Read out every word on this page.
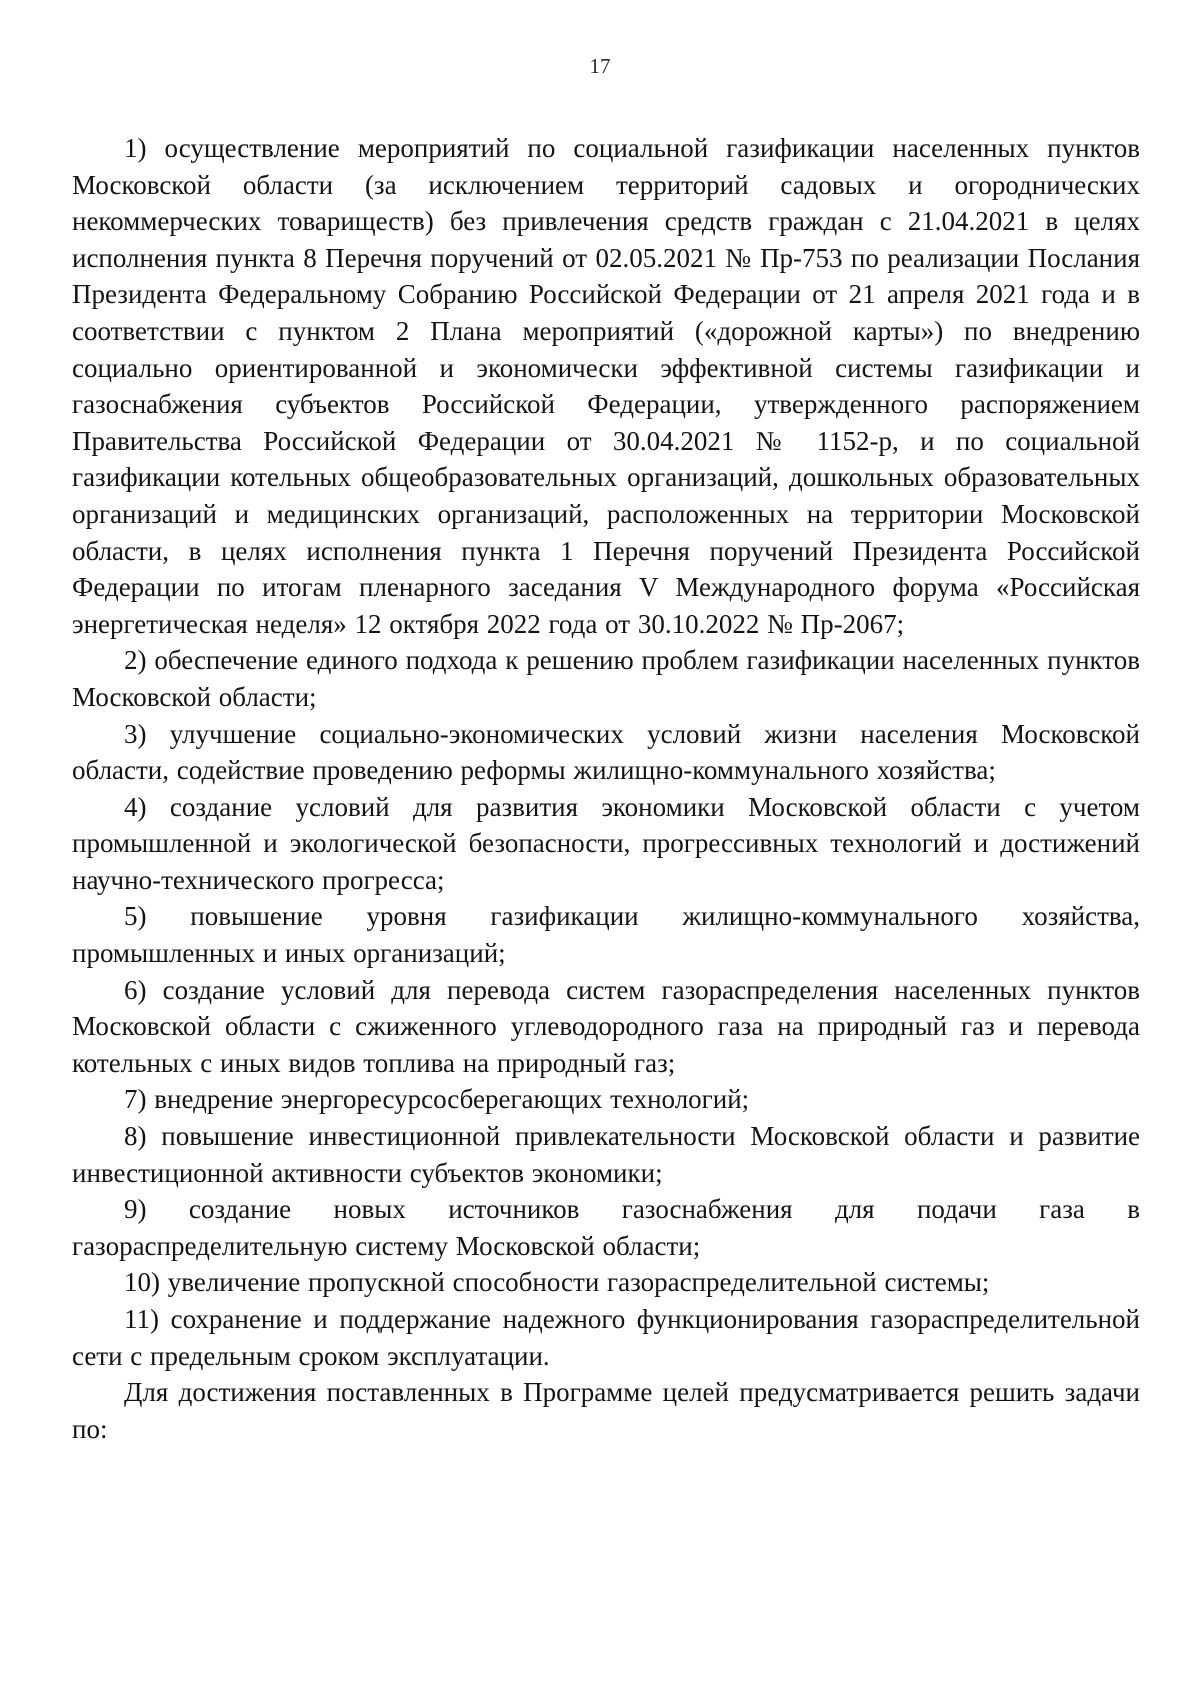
17

1) осуществление мероприятий по социальной газификации населенных пунктов Московской области (за исключением территорий садовых и огороднических некоммерческих товариществ) без привлечения средств граждан с 21.04.2021 в целях исполнения пункта 8 Перечня поручений от 02.05.2021 № Пр-753 по реализации Послания Президента Федеральному Собранию Российской Федерации от 21 апреля 2021 года и в соответствии с пунктом 2 Плана мероприятий («дорожной карты») по внедрению социально ориентированной и экономически эффективной системы газификации и газоснабжения субъектов Российской Федерации, утвержденного распоряжением Правительства Российской Федерации от 30.04.2021 № 1152-р, и по социальной газификации котельных общеобразовательных организаций, дошкольных образовательных организаций и медицинских организаций, расположенных на территории Московской области, в целях исполнения пункта 1 Перечня поручений Президента Российской Федерации по итогам пленарного заседания V Международного форума «Российская энергетическая неделя» 12 октября 2022 года от 30.10.2022 № Пр-2067;

2) обеспечение единого подхода к решению проблем газификации населенных пунктов Московской области;

3) улучшение социально-экономических условий жизни населения Московской области, содействие проведению реформы жилищно-коммунального хозяйства;

4) создание условий для развития экономики Московской области с учетом промышленной и экологической безопасности, прогрессивных технологий и достижений научно-технического прогресса;

5) повышение уровня газификации жилищно-коммунального хозяйства, промышленных и иных организаций;

6) создание условий для перевода систем газораспределения населенных пунктов Московской области с сжиженного углеводородного газа на природный газ и перевода котельных с иных видов топлива на природный газ;

7) внедрение энергоресурсосберегающих технологий;

8) повышение инвестиционной привлекательности Московской области и развитие инвестиционной активности субъектов экономики;

9) создание новых источников газоснабжения для подачи газа в газораспределительную систему Московской области;

10) увеличение пропускной способности газораспределительной системы;

11) сохранение и поддержание надежного функционирования газораспределительной сети с предельным сроком эксплуатации.

Для достижения поставленных в Программе целей предусматривается решить задачи по:
